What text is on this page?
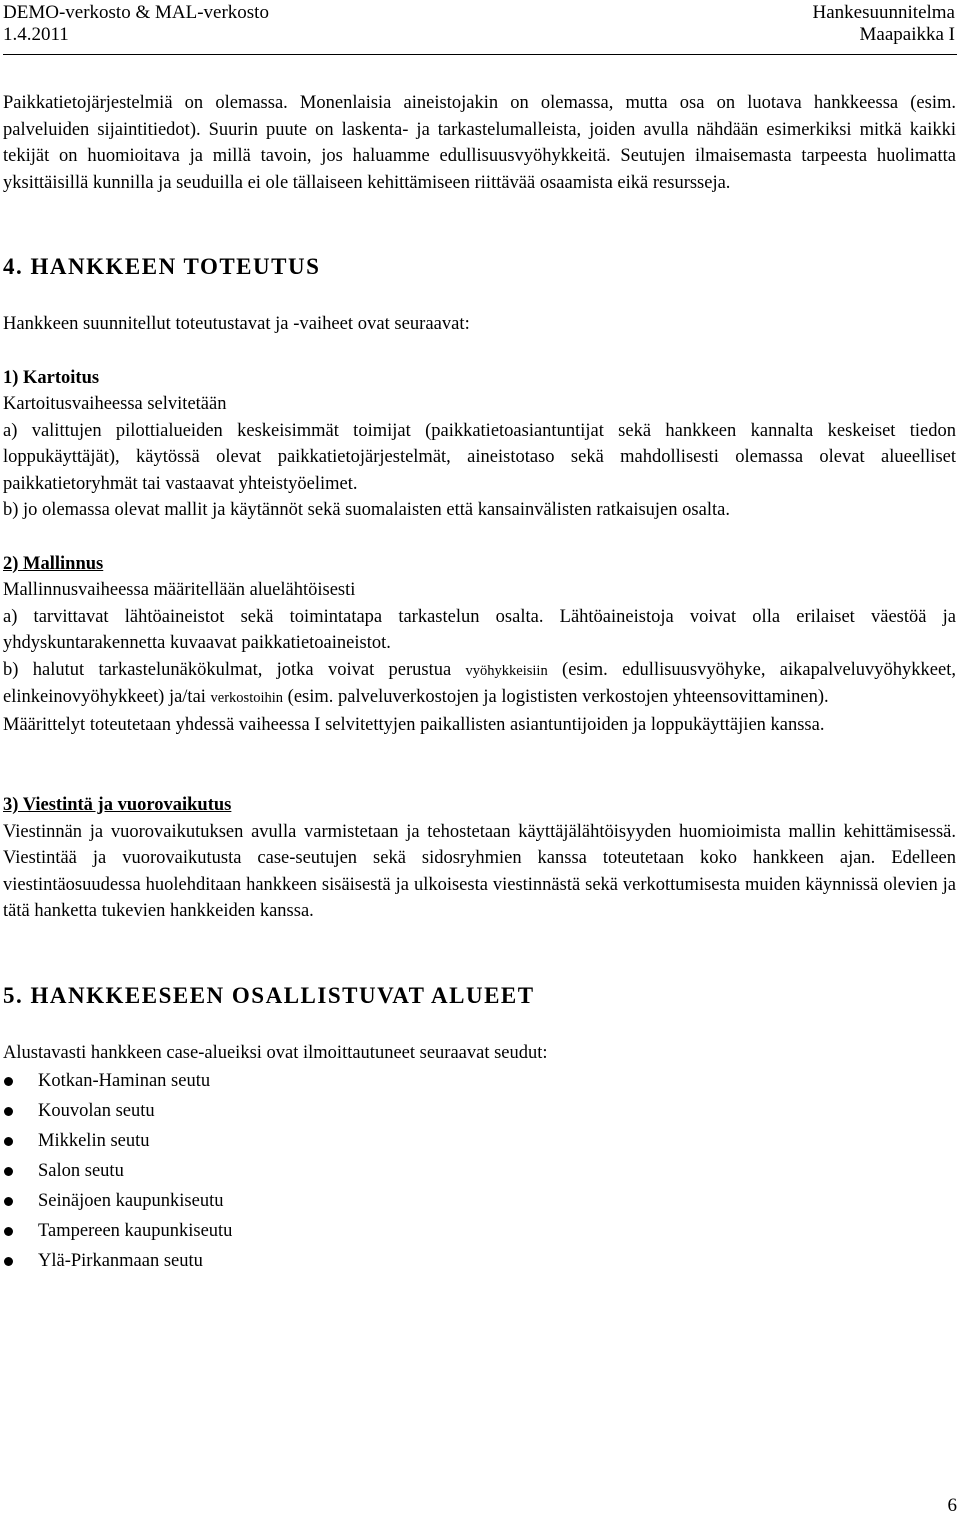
DEMO-verkosto & MAL-verkosto	Hankesuunnitelma
1.4.2011	Maapaikka I

Paikkatietojärjestelmiä on olemassa. Monenlaisia aineistojakin on olemassa, mutta osa on luotava hankkeessa (esim. palveluiden sijaintitiedot). Suurin puute on laskenta- ja tarkastelumalleista, joiden avulla nähdään esimerkiksi mitkä kaikki tekijät on huomioitava ja millä tavoin, jos haluamme edullisuusvyöhykkeitä. Seutujen ilmaisemasta tarpeesta huolimatta yksittäisillä kunnilla ja seuduilla ei ole tällaiseen kehittämiseen riittävää osaamista eikä resursseja.

4. HANKKEEN TOTEUTUS

Hankkeen suunnitellut toteutustavat ja -vaiheet ovat seuraavat:

1) Kartoitus

Kartoitusvaiheessa selvitetään

a) valittujen pilottialueiden keskeisimmät toimijat (paikkatietoasiantuntijat sekä hankkeen kannalta keskeiset tiedon loppukäyttäjät), käytössä olevat paikkatietojärjestelmät, aineistotaso sekä mahdollisesti olemassa olevat alueelliset paikkatietoryhmät tai vastaavat yhteistyöelimet.

b) jo olemassa olevat mallit ja käytännöt sekä suomalaisten että kansainvälisten ratkaisujen osalta.

2) Mallinnus

Mallinnusvaiheessa määritellään aluelähtöisesti

a) tarvittavat lähtöaineistot sekä toimintatapa tarkastelun osalta. Lähtöaineistoja voivat olla erilaiset väestöä ja yhdyskuntarakennetta kuvaavat paikkatietoaineistot.

b) halutut tarkastelunäkökulmat, jotka voivat perustua vyöhykkeisiin (esim. edullisuusvyöhyke, aikapalveluvyöhykkeet, elinkeinovyöhykkeet) ja/tai verkostoihin (esim. palveluverkostojen ja logististen verkostojen yhteensovittaminen).

Määrittelyt toteutetaan yhdessä vaiheessa I selvitettyjen paikallisten asiantuntijoiden ja loppukäyttäjien kanssa.

3) Viestintä ja vuorovaikutus

Viestinnän ja vuorovaikutuksen avulla varmistetaan ja tehostetaan käyttäjälähtöisyyden huomioimista mallin kehittämisessä. Viestintää ja vuorovaikutusta case-seutujen sekä sidosryhmien kanssa toteutetaan koko hankkeen ajan. Edelleen viestintäosuudessa huolehditaan hankkeen sisäisestä ja ulkoisesta viestinnästä sekä verkottumisesta muiden käynnissä olevien ja tätä hanketta tukevien hankkeiden kanssa.

5. HANKKEESEEN OSALLISTUVAT ALUEET

Alustavasti hankkeen case-alueiksi ovat ilmoittautuneet seuraavat seudut:

Kotkan-Haminan seutu
Kouvolan seutu
Mikkelin seutu
Salon seutu
Seinäjoen kaupunkiseutu
Tampereen kaupunkiseutu
Ylä-Pirkanmaan seutu
6
